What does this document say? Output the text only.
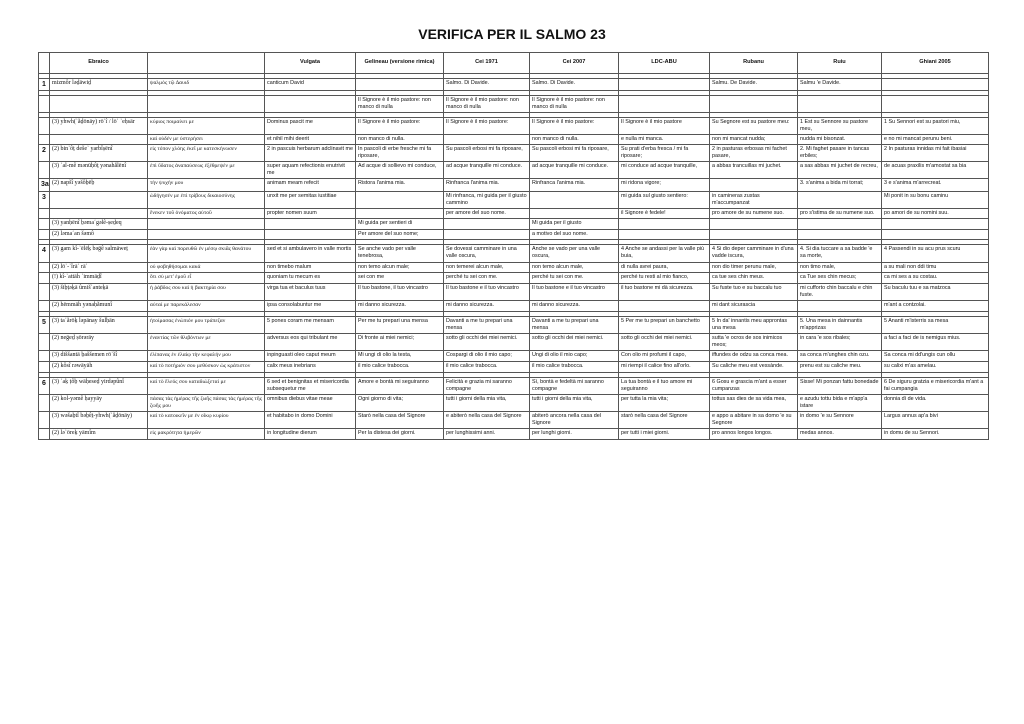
VERIFICA PER IL SALMO 23
	Ebraico		Vulgata	Gelineau (versione rimica)	Cei 1971	Cei 2007	LDC-ABU	Rubanu	Ruiu	Ghiani 2005

1	mizmôr ləḏāwiḏ	ψαλμὸς τῷ Δαυιδ	canticum David		Salmo. Di Davide.	Salmo. Di Davide.		Salmu. De Davide.	Salmu 'e Davide.	

				Il Signore è il mio pastore: non manco di nulla	Il Signore è il mio pastore: non manco di nulla	Il Signore è il mio pastore: non manco di nulla				

	(3) yhwh(ʾăḏōnāy) rōʿî / lōʾ ʾeḥsār	κύριος ποιμαίνει με	Dominus pascit me	Il Signore è il mio pastore:	Il Signore è il mio pastore:	Il Signore è il mio pastore:	Il Signore è il mio pastore	Su Segnore est su pastore meu:	1 Est su Sennore su pastore meu,	1 Su Sennori est su pastori miu,
		καὶ οὐδέν με ὑστερήσει	et nihil mihi deerit	non manco di nulla.		non manco di nulla.	e nulla mi manca.	non mi mancat nudda;	nudda mi bisonzat.	e no mi mancat perunu beni.
2	(2) binʾôṯ dešeʾ yarbîṣēnî	εἰς τόπον χλόης ἐκεῖ με κατεσκήνωσεν	2 in pascuis herbarum adclinavit me	In pascoli di erbe fresche mi fa riposare,	Su pascoli erbosi mi fa riposare,	Su pascoli erbosi mi fa riposare,	Su prati d'erba fresca / mi fa riposare;	2 in pasturas erbosas mi fachet pasare,	2. Mi faghet pasare in tancas erbiles;	2 In pasturas innidas mi fait ibasiai
	(3) ʿal-mê mənūḥôṯ yənahălēnî	ἐπὶ ὕδατος ἀναπαύσεως ἐξέθρεψέν με	super aquam refectionis enutrivit me	Ad acque di sollievo mi conduce,	ad acque tranquille mi conduce.	ad acque tranquille mi conduce.	mi conduce ad acque tranquille,	a abbas trancuillas mi juchet.	a sas abbas mi juchet de recreu,	de acuas praxilis m'amostat sa bia
3a	(2) napšî yəšôḇēḇ	τὴν ψυχήν μου	animam meam refecit	Ristora l'anima mia.	Rinfranca l'anima mia.	Rinfranca l'anima mia.	mi ridona vigore;		3. s'anima a bida mi torrat;	3 e s'anima m'arrecreat.
3		ὡδήγησέν με ἐπὶ τρίβους δικαιοσύνης	unxit me per semitas iustitiae		Mi rinfranca, mi guida per il giusto cammino		mi guida sul giusto sentiero:	in camineras zustas m'accumpanzat		Mi ponit in su bonu caminu
		ἕνεκεν τοῦ ὀνόματος αὐτοῦ	propter nomen suum		per amore del suo nome.		il Signore è fedele!	pro amore de su numene suo.	pro s'istima de su numene suo.	po amori de su nomini suu.
	(3) yanḥēnî ḇəmaʿgəlê-ṣeḏeq			Mi guida per sentieri di		Mi guida per il giusto				
	(2) ləmaʿan šəmô			Per amore del suo nome;		a motivo del suo nome.				

4	(3) gam kî-ʾēlēḵ bəḡê salmāweṯ	ἐὰν γὰρ καὶ πορευθῶ ἐν μέσῳ σκιᾶς θανάτου	sed et si ambulavero in valle mortis	Se anche vado per valle tenebrosa,	Se dovessi camminare in una valle oscura,	Anche se vado per una valle oscura,	4 Anche se andassi per la valle più buia,	4 Si dio deper camminare in d'una vadde iscura,	4. Si dia tuccare a sa badde 'e sa morte,	4 Passendi in su acu prus scuru
	(2) lōʾ-ʾîrāʾ rāʿ	οὐ φοβηθήσομαι κακά	non timebo malum	non temo alcun male;	non temerei alcun male,	non temo alcun male,	di nulla avrei paura,	non dio timer perunu male,	non timo male,	a su mali non ddi timu
	(!) kî-ʾattāh ʿimmāḏî	ὅτι σὺ μετ' ἐμοῦ εἶ	quoniam tu mecum es	sei con me	perché tu sei con me.	perché tu sei con me.	perché tu resti al mio fianco,	ca tue ses chin meus.	ca Tue ses chin mecus;	ca mi ses a su costau.
	(3) šiḇṭəḵā ûmišʿanteḵā	ἡ ῥάβδος σου καὶ ἡ βακτηρία σου	virga tua et baculus tuus	Il tuo bastone, il tuo vincastro	Il tuo bastone e il tuo vincastro	Il tuo bastone e il tuo vincastro	il tuo bastone mi dà sicurezza.	Su fuste tuo e su baccalu tuo	mi cufforto chin baccalu e chin fuste.	Su baculu tuu e sa matzoca
	(2) hēmmāh yənaḥămunî	αὐταί με παρεκάλεσαν	ipsa consolabuntur me	mi danno sicurezza.	mi danno sicurezza.	mi danno sicurezza.		mi dant sicurascia		m'ant a contzolai.

5	(3) taʿărōḵ ləpānay šulḥān	ἡτοίμασας ἐνώπιόν μου τράπεζαν	5 pones coram me mensam	Per me tu prepari una mensa	Davanti a me tu prepari una mensa	Davanti a me tu prepari una mensa	5 Per me tu prepari un banchetto	5 In da' innantis meu approntas una mesa	5. Una mesa in dainnantis m'apprizas	5 Ananti m'isterris sa mesa
	(2) neḡeḏ ṣōrərāy	ἐναντίας τῶν θλιβόντων με	adversus eos qui tribulant me	Di fronte ai miei nemici;	sotto gli occhi dei miei nemici.	sotto gli occhi dei miei nemici.	sotto gli occhi dei miei nemici.	sutta 'e ocros de sos inimicos meos;	in cara 'e sos ribales;	a faci a faci de is nemigus mius.
	(3) diššantā ḇaššemen rōʾšî	ἐλίπανας ἐν ἐλαίῳ τὴν κεφαλήν μου	inpinguasti oleo caput meum	Mi ungi di olio la testa,	Cospargi di olio il mio capo;	Ungi di olio il mio capo;	Con olio mi profumi il capo,	iffundes de odzu sa conca mea.	sa conca m'unghes chin ozu.	Sa conca mi dd'ungis cun ollu
	(2) kôsî rəwāyāh	καὶ τὸ ποτήριόν σου μεθύσκον ὡς κράτιστον	calix meus inebrians	il mio calice trabocca.	il mio calice trabocca.	il mio calice trabocca.	mi riempi il calice fino all'orlo.	Su caliche meu est vessànde.	prenu est su caliche meu.	su calixi m'as amelau.

6	(3) ʾaḵ ṭôḇ wāḥeseḏ yirdəpûnî	καὶ τὸ ἔλεός σου καταδιώξεταί με	6 sed et benignitas et misericordia subsequetur me	Amore e bontà mi seguiranno	Felicità e grazia mi saranno compagne	Sì, bontà e fedeltà mi saranno compagne	La tua bontà e il tuo amore mi seguiranno	6 Gosu e grascia m'ant a esser cumpanzas	Sisse! Mi ponzan fattu bonedade	6 De siguru gratzia e misericordia m'ant a fai cumpangia
	(2) kol-yəmê ḥayyāy	πάσας τὰς ἡμέρας τῆς ζωῆς πάσας τὰς ἡμέρας τῆς ζωῆς μου	omnibus diebus vitae meae	Ogni giorno di vita;	tutti i giorni della mia vita,	tutti i giorni della mia vita,	per tutta la mia vita;	tottus sas dies de sa vida mea,	e azudu tottu bida e m'app'a istare	donnia dì de vida.
	(3) wəšaḇtî bəḇêṯ-yhwh(ʾăḏōnāy)	καὶ τὸ κατοικεῖν με ἐν οἴκῳ κυρίου	et habitabo in domo Domini	Starò nella casa del Signore	e abiterò nella casa del Signore	abiterò ancora nella casa del Signore	starò nella casa del Signore	e appo a abitare in sa domo 'e su Segnore	in domo 'e su Sennore	Largus annus ap'a bivi
	(2) ləʾōreḵ yāmîm	εἰς μακρότητα ἡμερῶν	in longitudine dierum	Per la distesa dei giorni.	per lunghissimi anni.	per lunghi giorni.	per tutti i miei giorni.	pro annos longos longos.	medas annos.	in domu de su Sennori.
